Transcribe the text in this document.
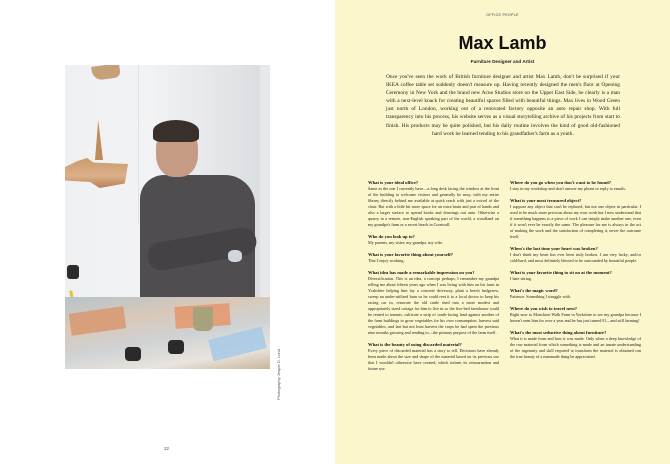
Photography Jesper D. Lund
32
OFFICE PEOPLE
Max Lamb
Furniture Designer and Artist

Once you've seen the work of British furniture designer and artist Max Lamb, don't be surprised if your IKEA coffee table set suddenly doesn't measure up. Having recently designed the men's floor at Opening Ceremony in New York and the brand new Acne Studios store on the Upper East Side, he clearly is a man with a next-level knack for creating beautiful spaces filled with beautiful things. Max lives in Wood Green just north of London, working out of a renovated factory opposite an auto repair shop. With full transparency into his process, his website serves as a visual storytelling archive of his projects from start to finish. His products may be quite polished, but his daily routine involves the kind of good old-fashioned hard work he learned tending to his grandfather's farm as a youth.

What is your ideal office?
Same as the one I currently have—a long desk facing the window at the front of the building to welcome visitors and generally be nosy, with my entire library directly behind me available at quick reach with just a swivel of the chair. But with a little bit more space for an extra brain and pair of hands and also a larger surface to spread books and drawings out onto. Otherwise a quarry in a remote, non-English speaking part of the world, a woodland on my grandpa's farm or a secret beach in Cornwall.
Who do you look up to?
My parents, my sister, my grandpa, my wife.
What is your favorite thing about yourself?
That I enjoy working.
What idea has made a remarkable impression on you?
Diversification. This is an idea, a concept perhaps, I remember my grandpa telling me about fifteen years ago when I was living with him on his farm in Yorkshire helping him lay a concrete driveway, plant a beech hedgerow, sweep an under-utilised barn so he could rent it to a local doctor to keep his racing car in, renovate the old cattle shed into a more modest and appropriately sized cottage for him to live in so the five-bed farmhouse could be rented to tenants, cultivate a strip of south-facing land against another of the farm buildings to grow vegetables for his own consumption, harvest said vegetables, and last but not least harvest the crops he had spent the previous nine months growing and tending to—the primary purpose of the farm itself.
What is the beauty of using discarded material?
Every piece of discarded material has a story to tell. Decisions have already been made about the size and shape of the material based on its previous use that I wouldn't otherwise have created, which inform its reincarnation and future use.
Where do you go when you don't want to be found?
I stay in my workshop and don't answer my phone or reply to emails.
What is your most treasured object?
I suppose any object that can't be replaced, but not one object in particular. I used to be much more precious about my own work but I now understand that if something happens to a piece of work I can simply make another one, even if it won't ever be exactly the same. The pleasure for me is always in the act of making the work and the satisfaction of completing it, never the outcome itself.
When's the last time your heart was broken?
I don't think my heart has ever been truly broken. I am very lucky, and/or cold/hard, and most definitely blessed to be surrounded by beautiful people.
What is your favorite thing to sit on at the moment?
I hate sitting.
What's the magic word?
Patience. Something I struggle with.
Where do you wish to travel next?
Right now to Monckton Walk Farm in Yorkshire to see my grandpa because I haven't seen him for over a year and he has just turned 91—and still farming!
What's the most seductive thing about furniture?
What it is made from and how it was made. Only when a deep knowledge of the raw material from which something is made and an innate understanding of the ingenuity and skill required to transform the material is obtained can the true beauty of a manmade thing be appreciated.
